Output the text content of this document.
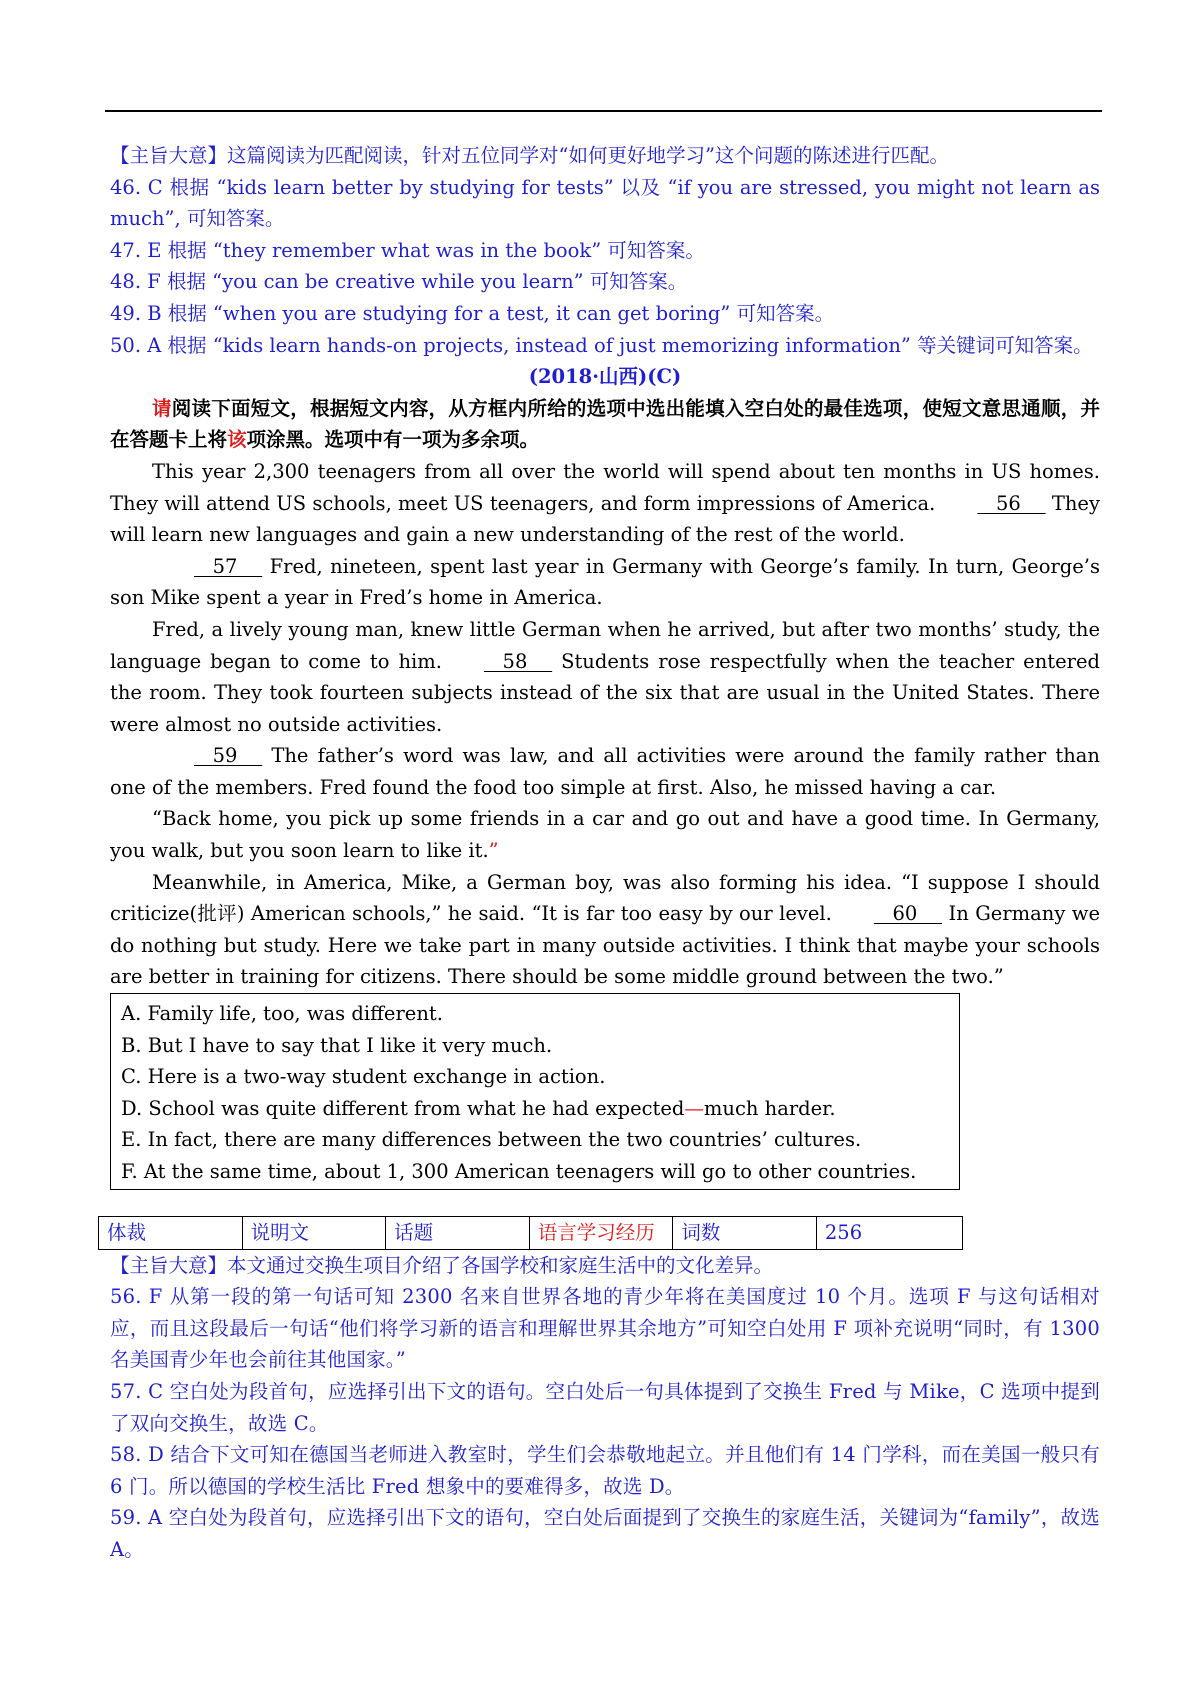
【主旨大意】这篇阅读为匹配阅读，针对五位同学对“如何更好地学习”这个问题的陈述进行匹配。

46. C 根据 “kids learn better by studying for tests” 以及 “if you are stressed, you might not learn as much”, 可知答案。

47. E 根据 “they remember what was in the book” 可知答案。

48. F 根据 “you can be creative while you learn” 可知答案。

49. B 根据 “when you are studying for a test, it can get boring” 可知答案。

50. A 根据 “kids learn hands-on projects, instead of just memorizing information” 等关键词可知答案。

(2018·山西)(C)

请阅读下面短文，根据短文内容，从方框内所给的选项中选出能填入空白处的最佳选项，使短文意思通顺，并在答题卡上将该项涂黑。选项中有一项为多余项。

This year 2,300 teenagers from all over the world will spend about ten months in US homes. They will attend US schools, meet US teenagers, and form impressions of America.   56     They will learn new languages and gain a new understanding of the rest of the world.

57     Fred, nineteen, spent last year in Germany with George’s family. In turn, George’s son Mike spent a year in Fred’s home in America.

Fred, a lively young man, knew little German when he arrived, but after two months’ study, the language began to come to him.   58     Students rose respectfully when the teacher entered the room. They took fourteen subjects instead of the six that are usual in the United States. There were almost no outside activities.

59     The father’s word was law, and all activities were around the family rather than one of the members. Fred found the food too simple at first. Also, he missed having a car.

“Back home, you pick up some friends in a car and go out and have a good time. In Germany, you walk, but you soon learn to like it.”

Meanwhile, in America, Mike, a German boy, was also forming his idea. “I suppose I should criticize(批评) American schools,” he said. “It is far too easy by our level.   60     In Germany we do nothing but study. Here we take part in many outside activities. I think that maybe your schools are better in training for citizens. There should be some middle ground between the two.”

A. Family life, too, was different.

B. But I have to say that I like it very much.

C. Here is a two-way student exchange in action.

D. School was quite different from what he had expected—much harder.

E. In fact, there are many differences between the two countries’ cultures.

F. At the same time, about 1, 300 American teenagers will go to other countries.

体裁	说明文	话题	语言学习经历	词数	256

【主旨大意】本文通过交换生项目介绍了各国学校和家庭生活中的文化差异。

56. F 从第一段的第一句话可知 2300 名来自世界各地的青少年将在美国度过 10 个月。选项 F 与这句话相对应，而且这段最后一句话“他们将学习新的语言和理解世界其余地方”可知空白处用 F 项补充说明“同时，有 1300 名美国青少年也会前往其他国家。”

57. C 空白处为段首句，应选择引出下文的语句。空白处后一句具体提到了交换生 Fred 与 Mike，C 选项中提到了双向交换生，故选 C。

58. D 结合下文可知在德国当老师进入教室时，学生们会恭敬地起立。并且他们有 14 门学科，而在美国一般只有 6 门。所以德国的学校生活比 Fred 想象中的要难得多，故选 D。

59. A 空白处为段首句，应选择引出下文的语句，空白处后面提到了交换生的家庭生活，关键词为“family”，故选 A。
